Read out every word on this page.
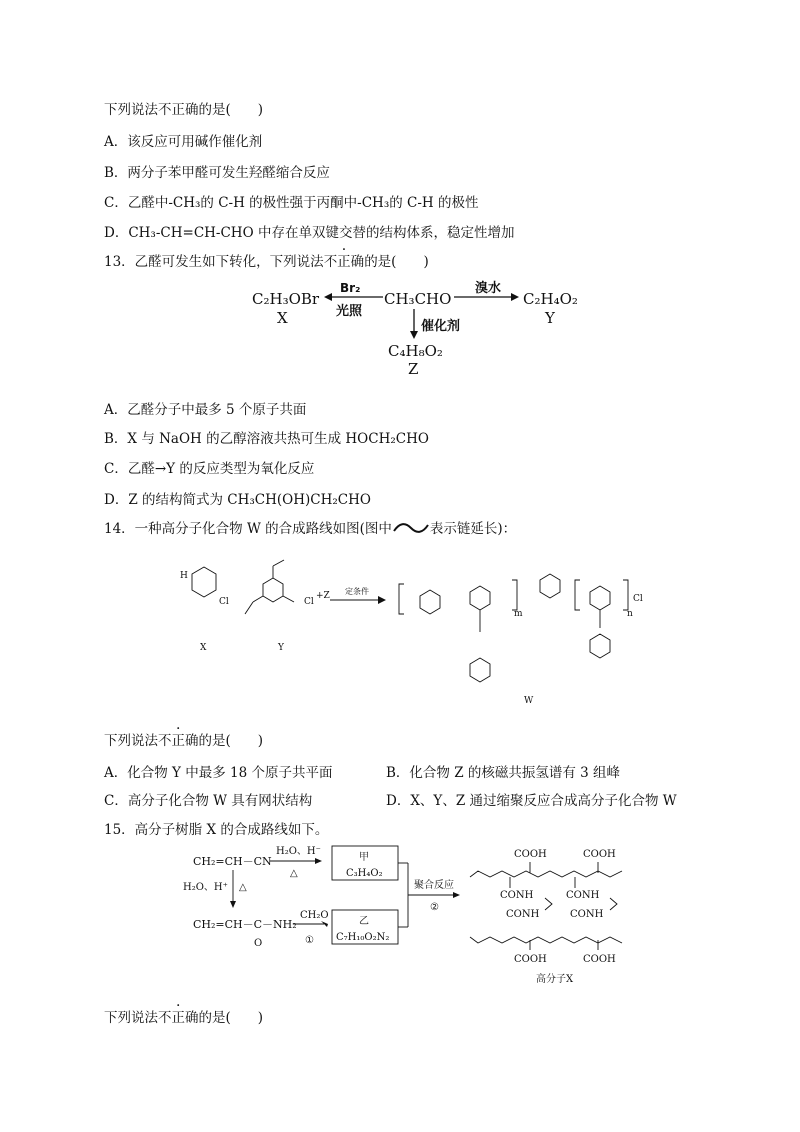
下列说法不正确的是(　　)
A．该反应可用碱作催化剂
B．两分子苯甲醛可发生羟醛缩合反应
C．乙醛中-CH₃的 C-H 的极性强于丙酮中-CH₃的 C-H 的极性
D．CH₃-CH=CH-CHO 中存在单双键交替的结构体系，稳定性增加
13．乙醛可发生如下转化，下列说法不正确的是(　　)
C₂H₃OBr
X
Br₂
光照
CH₃CHO
溴水
C₂H₄O₂
Y
催化剂
C₄H₈O₂
Z
H
Cl	Cl
X	Y
+Z 定条件
m	n
Cl
W
A．乙醛分子中最多 5 个原子共面
B．X 与 NaOH 的乙醇溶液共热可生成 HOCH₂CHO
C．乙醛→Y 的反应类型为氧化反应
D．Z 的结构简式为 CH₃CH(OH)CH₂CHO
14．一种高分子化合物 W 的合成路线如图(图中	表示链延长)：
下列说法不正确的是(　　)
A．化合物 Y 中最多 18 个原子共平面	B．化合物 Z 的核磁共振氢谱有 3 组峰
C．高分子化合物 W 具有网状结构	D．X、Y、Z 通过缩聚反应合成高分子化合物 W
15．高分子树脂 X 的合成路线如下。
CH₂=CH－CN
H₂O、H⁻
△
甲
C₃H₄O₂
H₂O、H⁺ △
CH₂=CH－C－NH₂
O
CH₂O
①
乙
C₇H₁₀O₂N₂
聚合反应
②
COOH	COOH
CONH	CONH
CONH	CONH
COOH	COOH
高分子X
下列说法不正确的是(　　)
